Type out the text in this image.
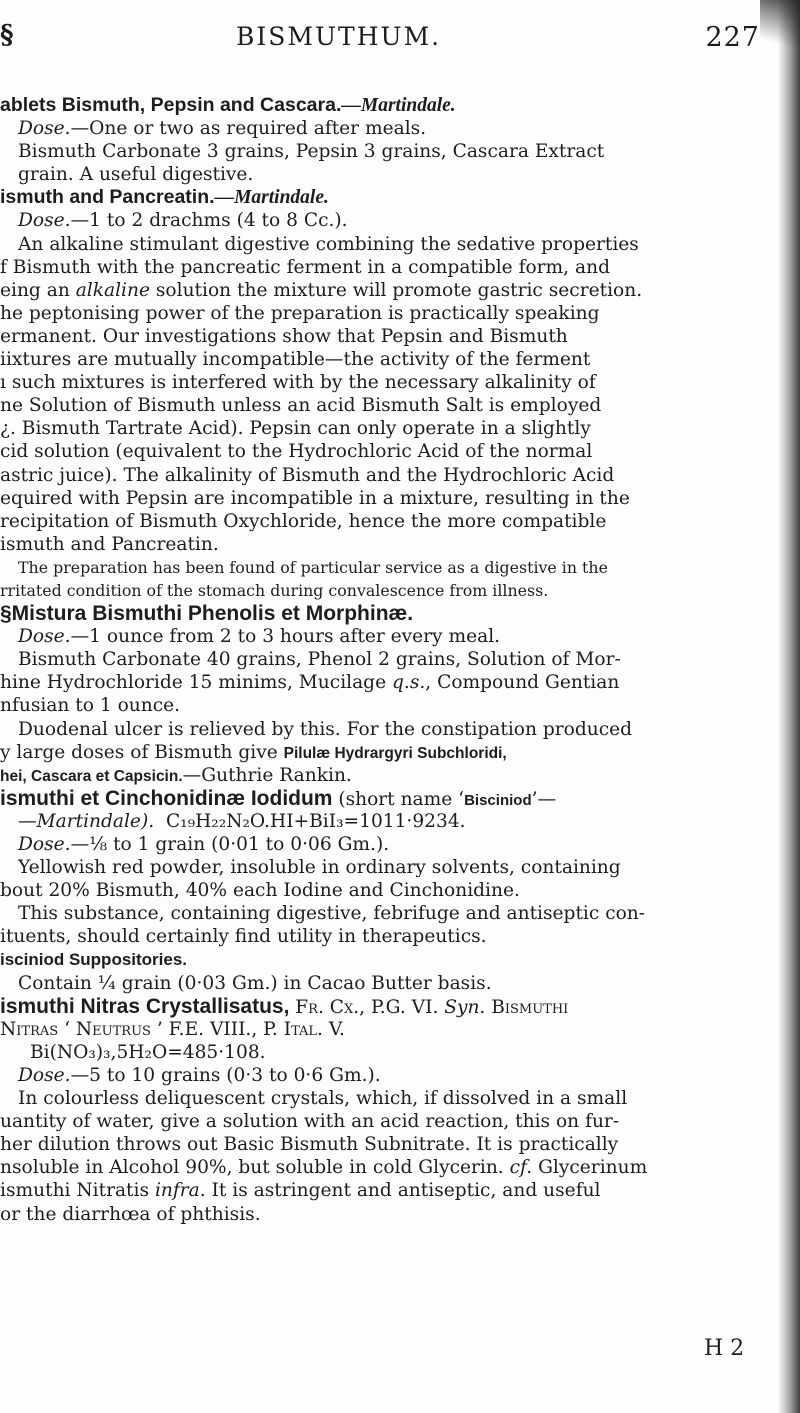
§	BISMUTHUM.	227
ablets Bismuth, Pepsin and Cascara.—Martindale.
Dose.—One or two as required after meals.
Bismuth Carbonate 3 grains, Pepsin 3 grains, Cascara Extract
grain. A useful digestive.
ismuth and Pancreatin.—Martindale.
Dose.—1 to 2 drachms (4 to 8 Cc.).
An alkaline stimulant digestive combining the sedative properties
f Bismuth with the pancreatic ferment in a compatible form, and
eing an alkaline solution the mixture will promote gastric secretion.
he peptonising power of the preparation is practically speaking
ermanent. Our investigations show that Pepsin and Bismuth
iixtures are mutually incompatible—the activity of the ferment
ı such mixtures is interfered with by the necessary alkalinity of
ne Solution of Bismuth unless an acid Bismuth Salt is employed
¿. Bismuth Tartrate Acid). Pepsin can only operate in a slightly
cid solution (equivalent to the Hydrochloric Acid of the normal
astric juice). The alkalinity of Bismuth and the Hydrochloric Acid
equired with Pepsin are incompatible in a mixture, resulting in the
recipitation of Bismuth Oxychloride, hence the more compatible
ismuth and Pancreatin.
The preparation has been found of particular service as a digestive in the
rritated condition of the stomach during convalescence from illness.
§Mistura Bismuthi Phenolis et Morphinæ.
Dose.—1 ounce from 2 to 3 hours after every meal.
Bismuth Carbonate 40 grains, Phenol 2 grains, Solution of Mor-
hine Hydrochloride 15 minims, Mucilage q.s., Compound Gentian
nfusian to 1 ounce.
Duodenal ulcer is relieved by this. For the constipation produced
y large doses of Bismuth give Pilulæ Hydrargyri Subchloridi,
hei, Cascara et Capsicin.—Guthrie Rankin.
ismuthi et Cinchonidinæ Iodidum (short name ‘Bisciniod’—
—Martindale). C₁₉H₂₂N₂O.HI+BiI₃=1011·9234.
Dose.—⅛ to 1 grain (0·01 to 0·06 Gm.).
Yellowish red powder, insoluble in ordinary solvents, containing
bout 20% Bismuth, 40% each Iodine and Cinchonidine.
This substance, containing digestive, febrifuge and antiseptic con-
ituents, should certainly find utility in therapeutics.
isciniod Suppositories.
Contain ¼ grain (0·03 Gm.) in Cacao Butter basis.
ismuthi Nitras Crystallisatus, Fr. Cx., P.G. VI. Syn. Bismuthi
Nitras ‘ Neutrus ’ F.E. VIII., P. Ital. V.
Bi(NO₃)₃,5H₂O=485·108.
Dose.—5 to 10 grains (0·3 to 0·6 Gm.).
In colourless deliquescent crystals, which, if dissolved in a small
uantity of water, give a solution with an acid reaction, this on fur-
her dilution throws out Basic Bismuth Subnitrate. It is practically
nsoluble in Alcohol 90%, but soluble in cold Glycerin. cf. Glycerinum
ismuthi Nitratis infra. It is astringent and antiseptic, and useful
or the diarrhœa of phthisis.
H 2
